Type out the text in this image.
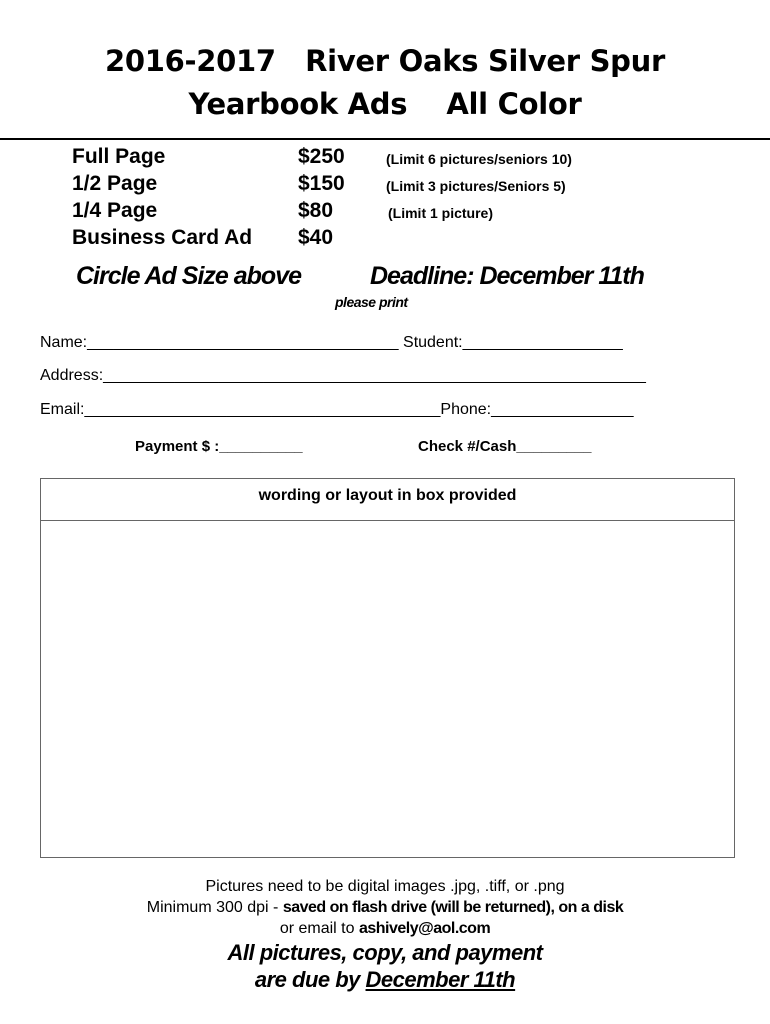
2016-2017   River Oaks Silver Spur
Yearbook Ads    All Color
Full Page	$250	(Limit 6 pictures/seniors 10)
1/2 Page	$150	(Limit 3 pictures/Seniors 5)
1/4 Page	$80	(Limit 1 picture)
Business Card Ad $40
Circle Ad Size above	Deadline: December 11th
please print
Name:___________________________________ Student:__________________
Address:_____________________________________________________________
Email:________________________________________Phone:________________
Payment $ :__________	Check #/Cash_________
wording or layout in box provided
Pictures need to be digital images .jpg, .tiff, or .png
Minimum 300 dpi - saved on flash drive (will be returned), on a disk
or email to ashively@aol.com
All pictures, copy, and payment
are due by December 11th
